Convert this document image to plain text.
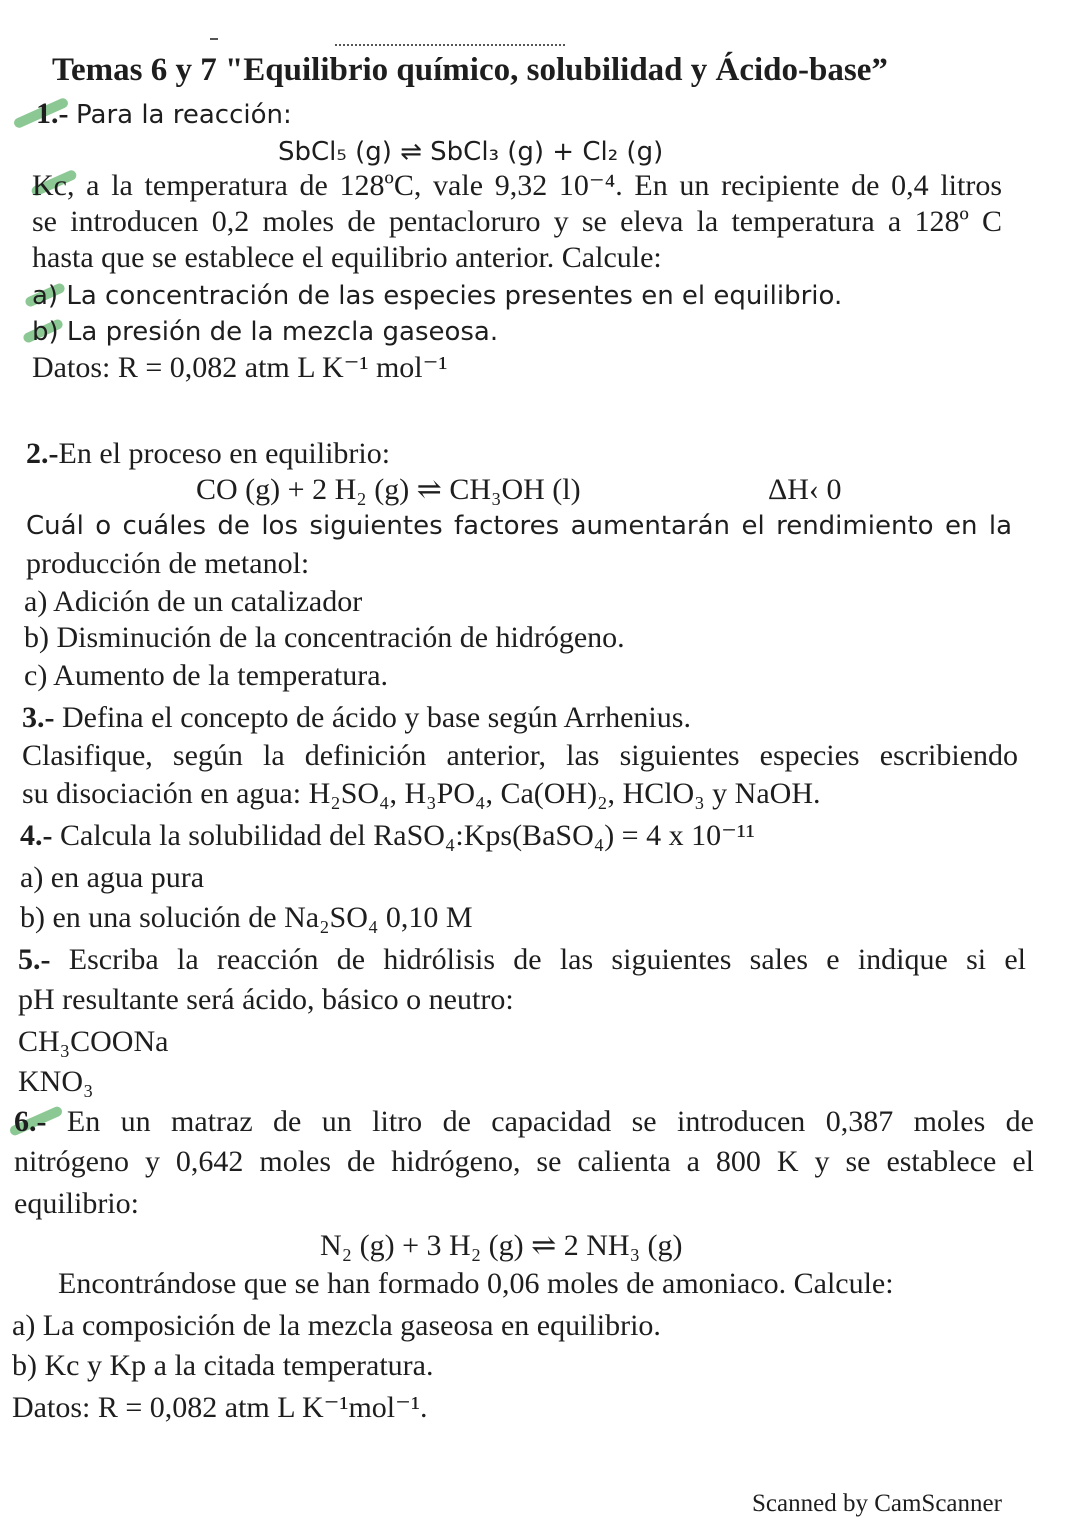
Temas 6 y 7 "Equilibrio químico, solubilidad y Ácido-base”
1.- Para la reacción:
SbCl₅ (g) ⇌ SbCl₃ (g) + Cl₂ (g)
Kc, a la temperatura de 128ºC, vale 9,32 10⁻⁴. En un recipiente de 0,4 litros
se introducen 0,2 moles de pentacloruro y se eleva la temperatura a 128º C
hasta que se establece el equilibrio anterior. Calcule:
a) La concentración de las especies presentes en el equilibrio.
b) La presión de la mezcla gaseosa.
Datos: R = 0,082 atm L K⁻¹ mol⁻¹
2.-En el proceso en equilibrio:
CO (g) + 2 H₂ (g) ⇌ CH₃OH (l)	ΔH‹ 0
Cuál o cuáles de los siguientes factores aumentarán el rendimiento en la
producción de metanol:
a) Adición de un catalizador
b) Disminución de la concentración de hidrógeno.
c) Aumento de la temperatura.
3.- Defina el concepto de ácido y base según Arrhenius.
Clasifique, según la definición anterior, las siguientes especies escribiendo
su disociación en agua: H₂SO₄, H₃PO₄, Ca(OH)₂, HClO₃ y NaOH.
4.- Calcula la solubilidad del RaSO₄:Kps(BaSO₄) = 4 x 10⁻¹¹
a) en agua pura
b) en una solución de Na₂SO₄ 0,10 M
5.- Escriba la reacción de hidrólisis de las siguientes sales e indique si el
pH resultante será ácido, básico o neutro:
CH₃COONa
KNO₃
6.- En un matraz de un litro de capacidad se introducen 0,387 moles de
nitrógeno y 0,642 moles de hidrógeno, se calienta a 800 K y se establece el
equilibrio:
N₂ (g) + 3 H₂ (g) ⇌ 2 NH₃ (g)
Encontrándose que se han formado 0,06 moles de amoniaco. Calcule:
a) La composición de la mezcla gaseosa en equilibrio.
b) Kc y Kp a la citada temperatura.
Datos: R = 0,082 atm L K⁻¹mol⁻¹.
Scanned by CamScanner
